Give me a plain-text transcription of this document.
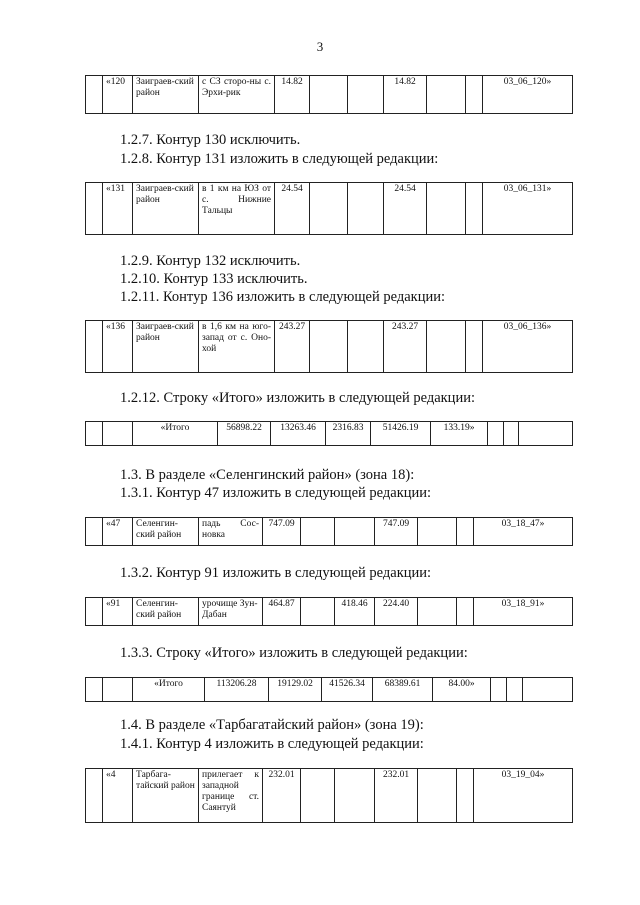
3
	«120	Заиграев-ский район	с СЗ сторо-ны с. Эрхи-рик	14.82			14.82			03_06_120»
1.2.7. Контур 130 исключить.
1.2.8. Контур 131 изложить в следующей редакции:
	«131	Заиграев-ский район	в 1 км на ЮЗ от с. Нижние Тальцы	24.54			24.54			03_06_131»
1.2.9. Контур 132 исключить.
1.2.10. Контур 133 исключить.
1.2.11. Контур 136 изложить в следующей редакции:
	«136	Заиграев-ский район	в 1,6 км на юго-запад от с. Оно-хой	243.27			243.27			03_06_136»
1.2.12. Строку «Итого» изложить в следующей редакции:
		«Итого	56898.22	13263.46	2316.83	51426.19	133.19»			
1.3. В разделе «Селенгинский район» (зона 18):
1.3.1. Контур 47 изложить в следующей редакции:
	«47	Селенгин-ский район	падь Сос-новка	747.09			747.09			03_18_47»
1.3.2. Контур 91 изложить в следующей редакции:
	«91	Селенгин-ский район	урочище Зун-Дабан	464.87		418.46	224.40			03_18_91»
1.3.3. Строку «Итого» изложить в следующей редакции:
		«Итого	113206.28	19129.02	41526.34	68389.61	84.00»			
1.4. В разделе «Тарбагатайский район» (зона 19):
1.4.1. Контур 4 изложить в следующей редакции:
	«4	Тарбага-тайский район	прилегает к западной границе ст. Саянтуй	232.01			232.01			03_19_04»
